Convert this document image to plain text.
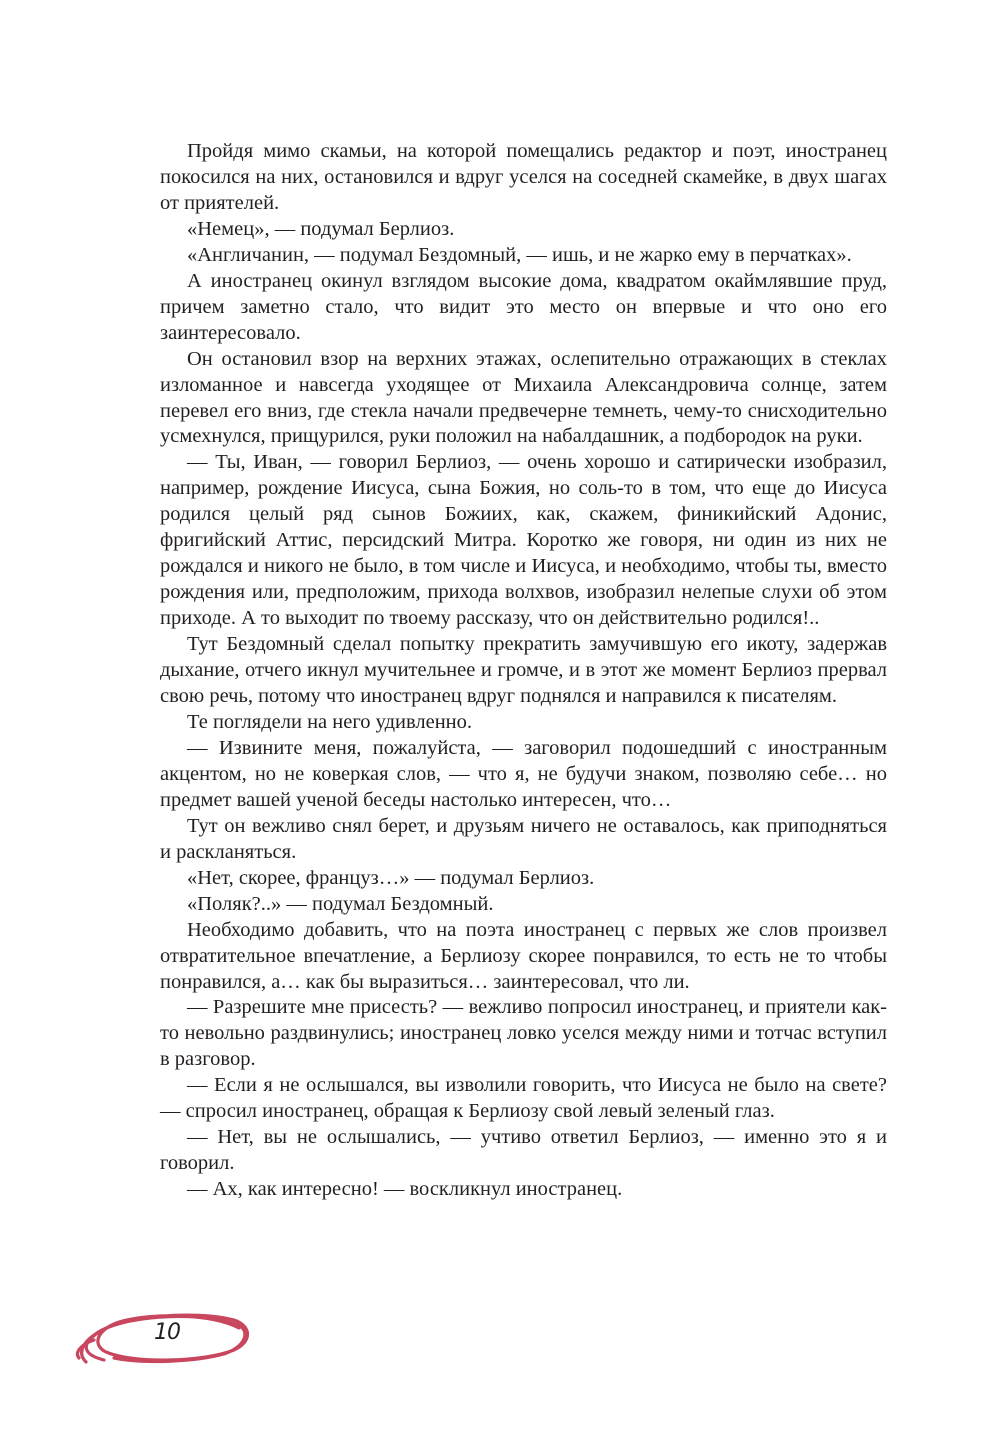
Пройдя мимо скамьи, на которой помещались редактор и поэт, иностранец покосился на них, остановился и вдруг уселся на соседней скамейке, в двух шагах от приятелей.

«Немец», — подумал Берлиоз.

«Англичанин, — подумал Бездомный, — ишь, и не жарко ему в перчатках».

А иностранец окинул взглядом высокие дома, квадратом окаймлявшие пруд, причем заметно стало, что видит это место он впервые и что оно его заинтересовало.

Он остановил взор на верхних этажах, ослепительно отражающих в стеклах изломанное и навсегда уходящее от Михаила Александровича солнце, затем перевел его вниз, где стекла начали предвечерне темнеть, чему-то снисходительно усмехнулся, прищурился, руки положил на набалдашник, а подбородок на руки.

— Ты, Иван, — говорил Берлиоз, — очень хорошо и сатирически изобразил, например, рождение Иисуса, сына Божия, но соль-то в том, что еще до Иисуса родился целый ряд сынов Божиих, как, скажем, финикийский Адонис, фригийский Аттис, персидский Митра. Коротко же говоря, ни один из них не рождался и никого не было, в том числе и Иисуса, и необходимо, чтобы ты, вместо рождения или, предположим, прихода волхвов, изобразил нелепые слухи об этом приходе. А то выходит по твоему рассказу, что он действительно родился!..

Тут Бездомный сделал попытку прекратить замучившую его икоту, задержав дыхание, отчего икнул мучительнее и громче, и в этот же момент Берлиоз прервал свою речь, потому что иностранец вдруг поднялся и направился к писателям.

Те поглядели на него удивленно.

— Извините меня, пожалуйста, — заговорил подошедший с иностранным акцентом, но не коверкая слов, — что я, не будучи знаком, позволяю себе… но предмет вашей ученой беседы настолько интересен, что…

Тут он вежливо снял берет, и друзьям ничего не оставалось, как приподняться и раскланяться.

«Нет, скорее, француз…» — подумал Берлиоз.

«Поляк?..» — подумал Бездомный.

Необходимо добавить, что на поэта иностранец с первых же слов произвел отвратительное впечатление, а Берлиозу скорее понравился, то есть не то чтобы понравился, а… как бы выразиться… заинтересовал, что ли.

— Разрешите мне присесть? — вежливо попросил иностранец, и приятели как-то невольно раздвинулись; иностранец ловко уселся между ними и тотчас вступил в разговор.

— Если я не ослышался, вы изволили говорить, что Иисуса не было на свете? — спросил иностранец, обращая к Берлиозу свой левый зеленый глаз.

— Нет, вы не ослышались, — учтиво ответил Берлиоз, — именно это я и говорил.

— Ах, как интересно! — воскликнул иностранец.

10
